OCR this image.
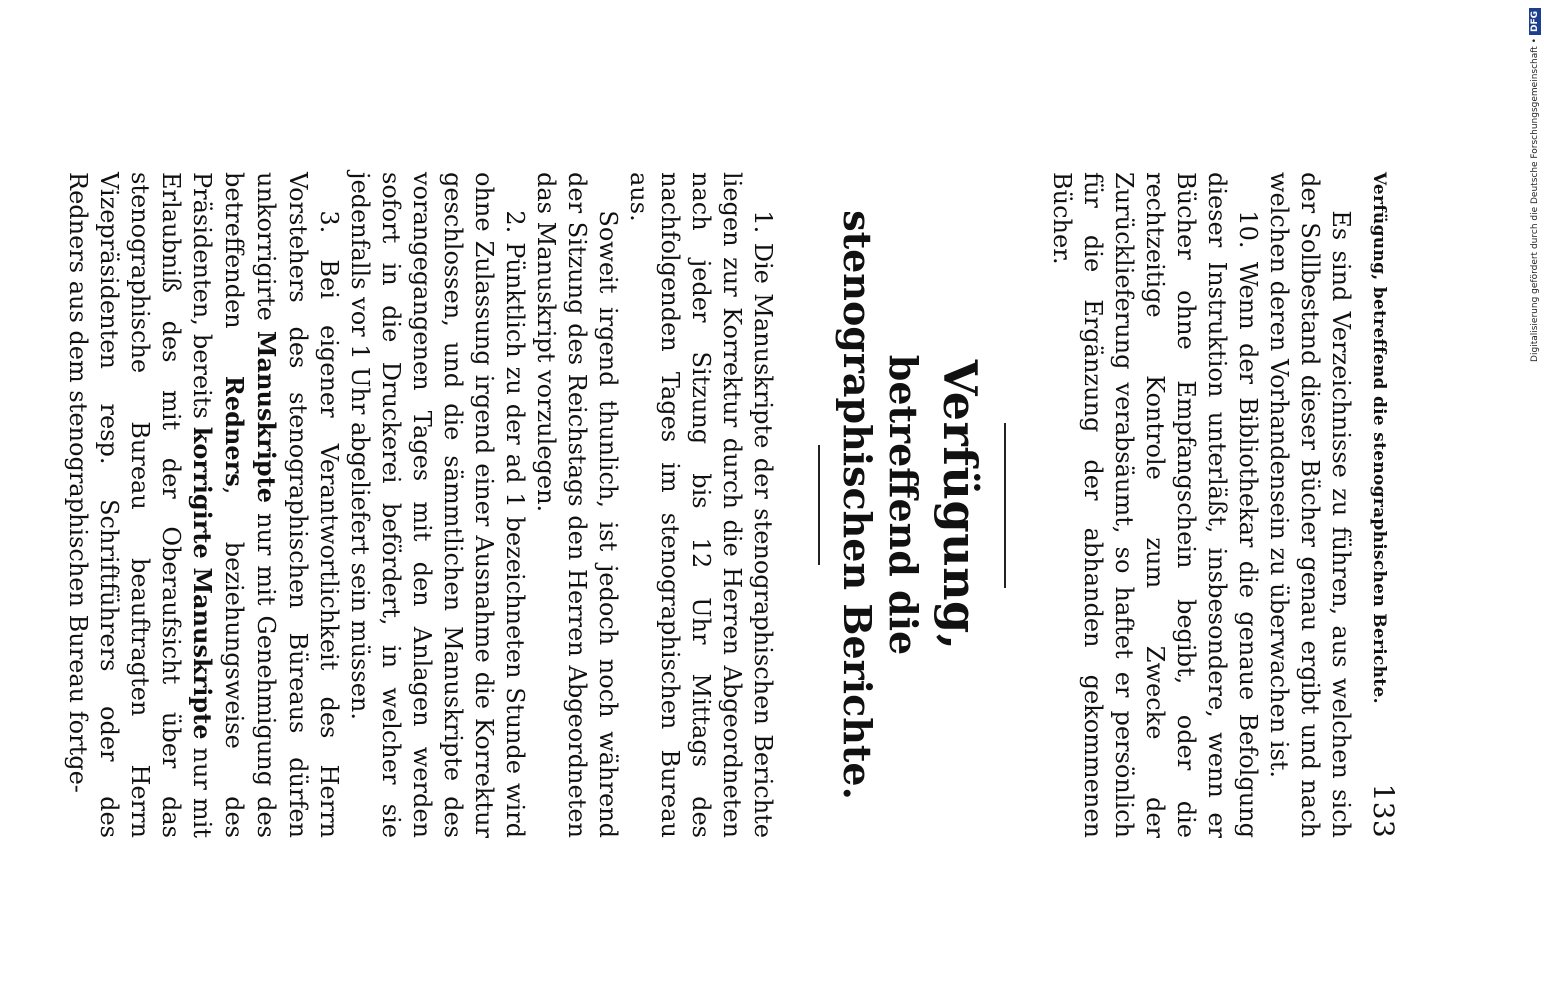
Verfügung, betreffend die stenographischen Berichte.
133

Es sind Verzeichnisse zu führen, aus welchen sich der Sollbestand dieser Bücher genau ergibt und nach welchen deren Vorhandensein zu überwachen ist.

10. Wenn der Bibliothekar die genaue Befolgung dieser Instruktion unterläßt, insbesondere, wenn er Bücher ohne Empfangschein begibt, oder die rechtzeitige Kontrole zum Zwecke der Zurücklieferung verabsäumt, so haftet er persönlich für die Ergänzung der abhanden gekommenen Bücher.

Verfügung,

betreffend die stenographischen Berichte.

1. Die Manuskripte der stenographischen Berichte liegen zur Korrektur durch die Herren Abgeordneten nach jeder Sitzung bis 12 Uhr Mittags des nachfolgenden Tages im stenographischen Bureau aus.

Soweit irgend thunlich, ist jedoch noch während der Sitzung des Reichstags den Herren Abgeordneten das Manuskript vorzulegen.

2. Pünktlich zu der ad 1 bezeichneten Stunde wird ohne Zulassung irgend einer Ausnahme die Korrektur geschlossen, und die sämmtlichen Manuskripte des vorangegangenen Tages mit den Anlagen werden sofort in die Druckerei befördert, in welcher sie jedenfalls vor 1 Uhr abgeliefert sein müssen.

3. Bei eigener Verantwortlichkeit des Herrn Vorstehers des stenographischen Büreaus dürfen unkorrigirte Manuskripte nur mit Genehmigung des betreffenden Redners, beziehungsweise des Präsidenten, bereits korrigirte Manuskripte nur mit Erlaubniß des mit der Oberaufsicht über das stenographische Bureau beauftragten Herrn Vizepräsidenten resp. Schriftführers oder des Redners aus dem stenographischen Bureau fortge-	Digitalisierung gefördert durch die Deutsche Forschungsgemeinschaft •
DFG
